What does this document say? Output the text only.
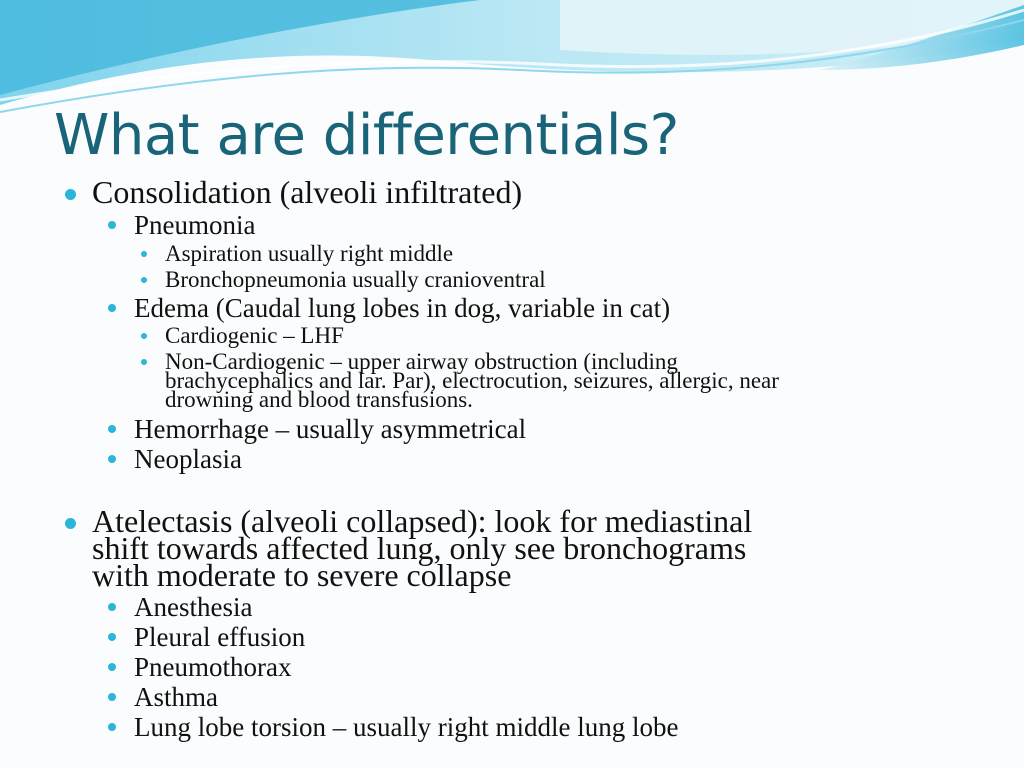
What are differentials?
Consolidation (alveoli infiltrated)
Pneumonia
Aspiration usually right middle
Bronchopneumonia usually cranioventral
Edema (Caudal lung lobes in dog, variable in cat)
Cardiogenic – LHF
Non-Cardiogenic – upper airway obstruction (including
brachycephalics and lar. Par), electrocution, seizures, allergic, near
drowning and blood transfusions.
Hemorrhage – usually asymmetrical
Neoplasia
Atelectasis (alveoli collapsed): look for mediastinal
shift towards affected lung, only see bronchograms
with moderate to severe collapse
Anesthesia
Pleural effusion
Pneumothorax
Asthma
Lung lobe torsion – usually right middle lung lobe
